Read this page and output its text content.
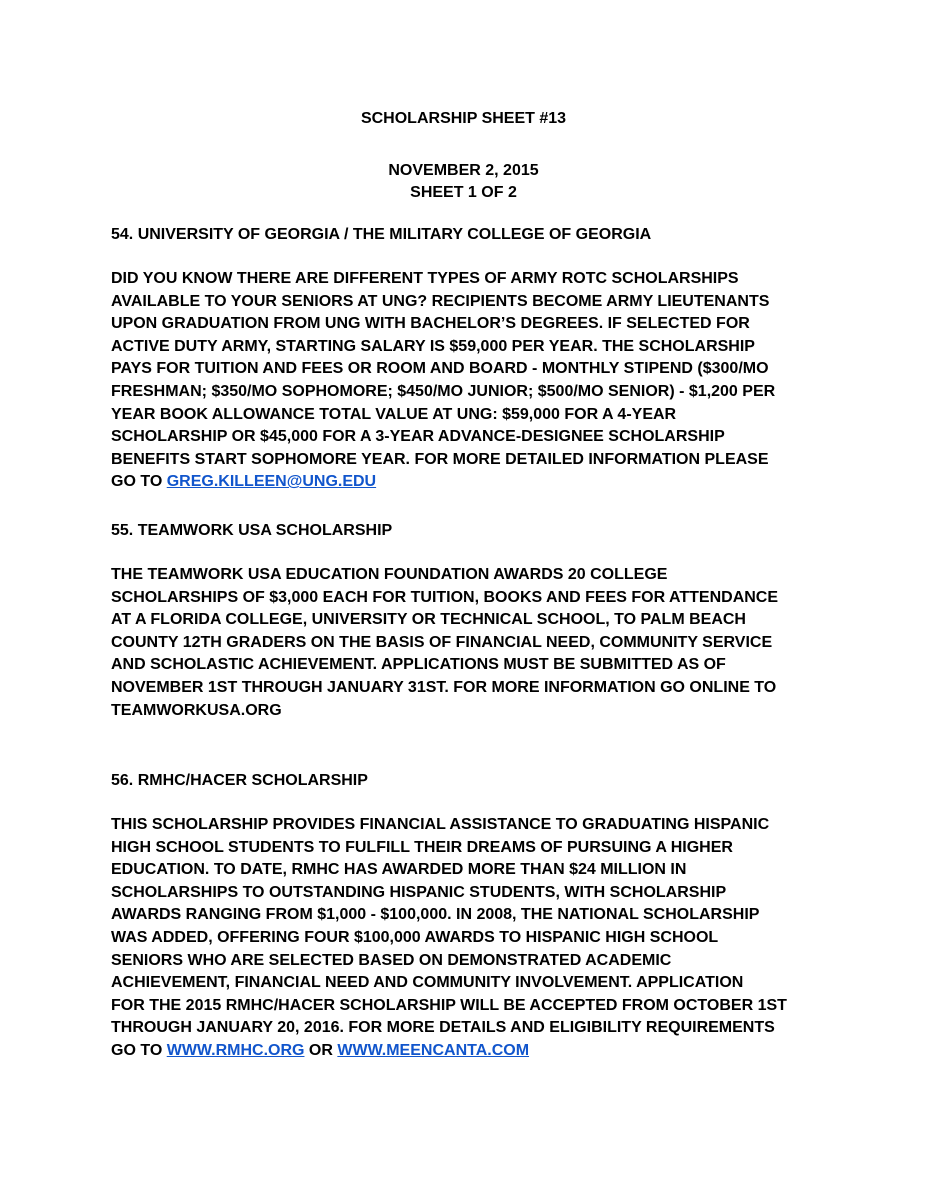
SCHOLARSHIP SHEET #13
NOVEMBER 2, 2015
SHEET 1 OF 2
54. UNIVERSITY OF GEORGIA / THE MILITARY COLLEGE OF GEORGIA
DID YOU KNOW THERE ARE DIFFERENT TYPES OF ARMY ROTC SCHOLARSHIPS
AVAILABLE TO YOUR SENIORS AT UNG? RECIPIENTS BECOME ARMY LIEUTENANTS
UPON GRADUATION FROM UNG WITH BACHELOR’S DEGREES. IF SELECTED FOR
ACTIVE DUTY ARMY, STARTING SALARY IS $59,000 PER YEAR. THE SCHOLARSHIP
PAYS FOR TUITION AND FEES OR ROOM AND BOARD - MONTHLY STIPEND ($300/MO
FRESHMAN; $350/MO SOPHOMORE; $450/MO JUNIOR; $500/MO SENIOR) - $1,200 PER
YEAR BOOK ALLOWANCE TOTAL VALUE AT UNG: $59,000 FOR A 4-YEAR
SCHOLARSHIP OR $45,000 FOR A 3-YEAR ADVANCE-DESIGNEE SCHOLARSHIP
BENEFITS START SOPHOMORE YEAR. FOR MORE DETAILED INFORMATION PLEASE
GO TO GREG.KILLEEN@UNG.EDU
55. TEAMWORK USA SCHOLARSHIP
THE TEAMWORK USA EDUCATION FOUNDATION AWARDS 20 COLLEGE
SCHOLARSHIPS OF $3,000 EACH FOR TUITION, BOOKS AND FEES FOR ATTENDANCE
AT A FLORIDA COLLEGE, UNIVERSITY OR TECHNICAL SCHOOL, TO PALM BEACH
COUNTY 12TH GRADERS ON THE BASIS OF FINANCIAL NEED, COMMUNITY SERVICE
AND SCHOLASTIC ACHIEVEMENT. APPLICATIONS MUST BE SUBMITTED AS OF
NOVEMBER 1ST THROUGH JANUARY 31ST. FOR MORE INFORMATION GO ONLINE TO
TEAMWORKUSA.ORG
56. RMHC/HACER SCHOLARSHIP
THIS SCHOLARSHIP PROVIDES FINANCIAL ASSISTANCE TO GRADUATING HISPANIC
HIGH SCHOOL STUDENTS TO FULFILL THEIR DREAMS OF PURSUING A HIGHER
EDUCATION. TO DATE, RMHC HAS AWARDED MORE THAN $24 MILLION IN
SCHOLARSHIPS TO OUTSTANDING HISPANIC STUDENTS, WITH SCHOLARSHIP
AWARDS RANGING FROM $1,000 - $100,000. IN 2008, THE NATIONAL SCHOLARSHIP
WAS ADDED, OFFERING FOUR $100,000 AWARDS TO HISPANIC HIGH SCHOOL
SENIORS WHO ARE SELECTED BASED ON DEMONSTRATED ACADEMIC
ACHIEVEMENT, FINANCIAL NEED AND COMMUNITY INVOLVEMENT. APPLICATION
FOR THE 2015 RMHC/HACER SCHOLARSHIP WILL BE ACCEPTED FROM OCTOBER 1ST
THROUGH JANUARY 20, 2016. FOR MORE DETAILS AND ELIGIBILITY REQUIREMENTS
GO TO WWW.RMHC.ORG OR WWW.MEENCANTA.COM
